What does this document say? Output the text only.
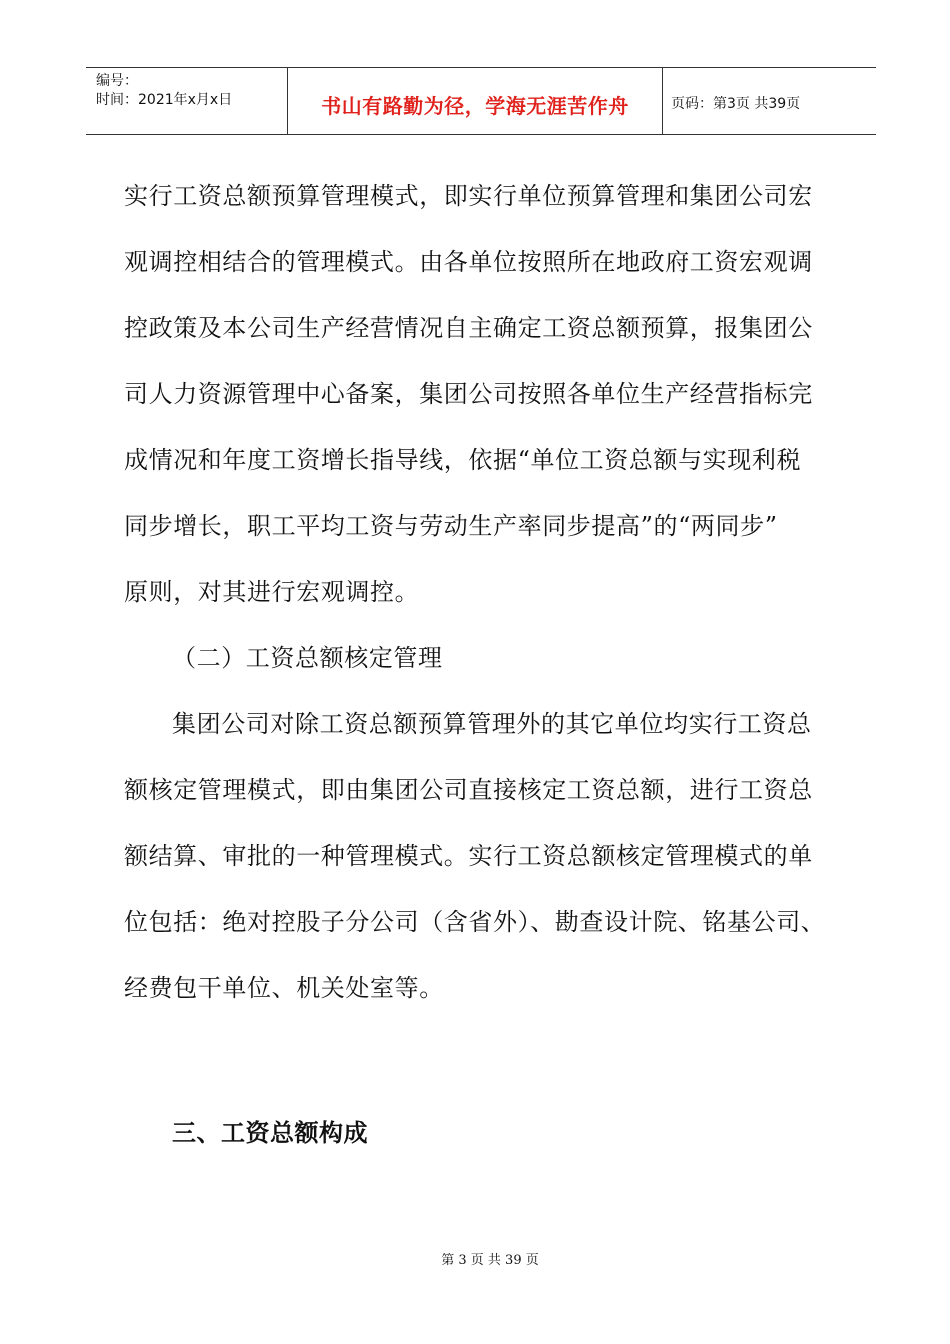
编号：
时间：2021年x月x日	书山有路勤为径，学海无涯苦作舟	页码：第3页 共39页
实行工资总额预算管理模式，即实行单位预算管理和集团公司宏
观调控相结合的管理模式。由各单位按照所在地政府工资宏观调
控政策及本公司生产经营情况自主确定工资总额预算，报集团公
司人力资源管理中心备案，集团公司按照各单位生产经营指标完
成情况和年度工资增长指导线，依据“单位工资总额与实现利税
同步增长，职工平均工资与劳动生产率同步提高”的“两同步”
原则，对其进行宏观调控。
（二）工资总额核定管理
集团公司对除工资总额预算管理外的其它单位均实行工资总
额核定管理模式，即由集团公司直接核定工资总额，进行工资总
额结算、审批的一种管理模式。实行工资总额核定管理模式的单
位包括：绝对控股子分公司（含省外）、勘查设计院、铭基公司、
经费包干单位、机关处室等。
三、工资总额构成
第 3 页 共 39 页
